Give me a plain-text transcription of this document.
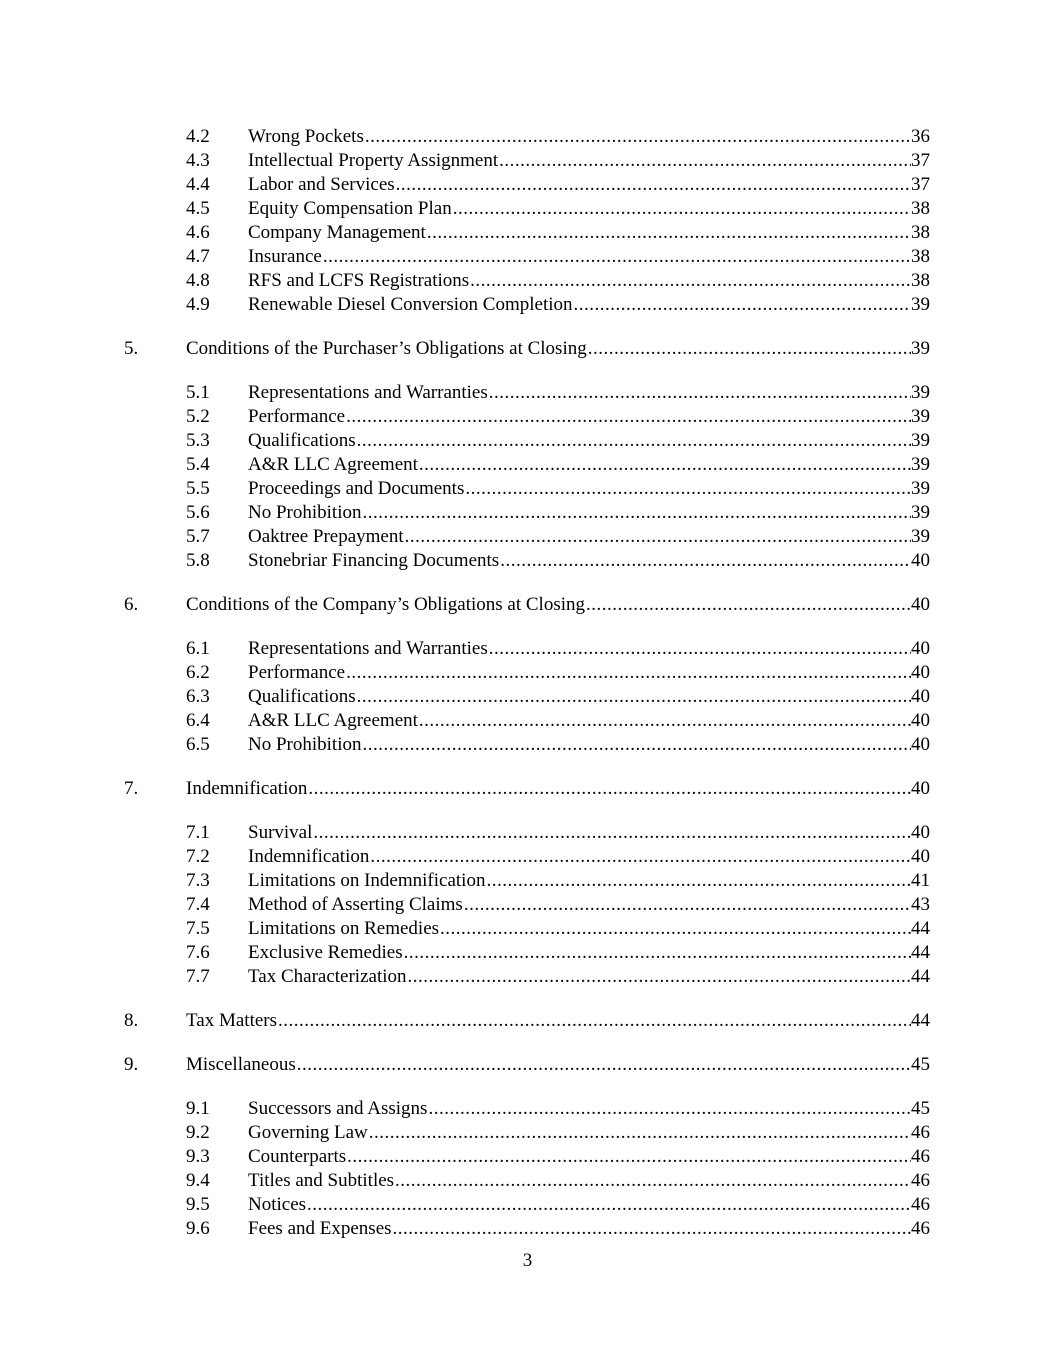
4.2 Wrong Pockets .....	36
4.3 Intellectual Property Assignment .....	37
4.4 Labor and Services .....	37
4.5 Equity Compensation Plan .....	38
4.6 Company Management .....	38
4.7 Insurance .....	38
4.8 RFS and LCFS Registrations .....	38
4.9 Renewable Diesel Conversion Completion .....	39
5.	Conditions of the Purchaser’s Obligations at Closing .....	39
5.1 Representations and Warranties .....	39
5.2 Performance .....	39
5.3 Qualifications .....	39
5.4 A&R LLC Agreement .....	39
5.5 Proceedings and Documents .....	39
5.6 No Prohibition .....	39
5.7 Oaktree Prepayment .....	39
5.8 Stonebriar Financing Documents .....	40
6.	Conditions of the Company’s Obligations at Closing .....	40
6.1 Representations and Warranties .....	40
6.2 Performance .....	40
6.3 Qualifications .....	40
6.4 A&R LLC Agreement .....	40
6.5 No Prohibition .....	40
7.	Indemnification .....	40
7.1 Survival .....	40
7.2 Indemnification .....	40
7.3 Limitations on Indemnification .....	41
7.4 Method of Asserting Claims .....	43
7.5 Limitations on Remedies .....	44
7.6 Exclusive Remedies .....	44
7.7 Tax Characterization .....	44
8.	Tax Matters .....	44
9.	Miscellaneous .....	45
9.1 Successors and Assigns .....	45
9.2 Governing Law .....	46
9.3 Counterparts .....	46
9.4 Titles and Subtitles .....	46
9.5 Notices .....	46
9.6 Fees and Expenses .....	46
3
